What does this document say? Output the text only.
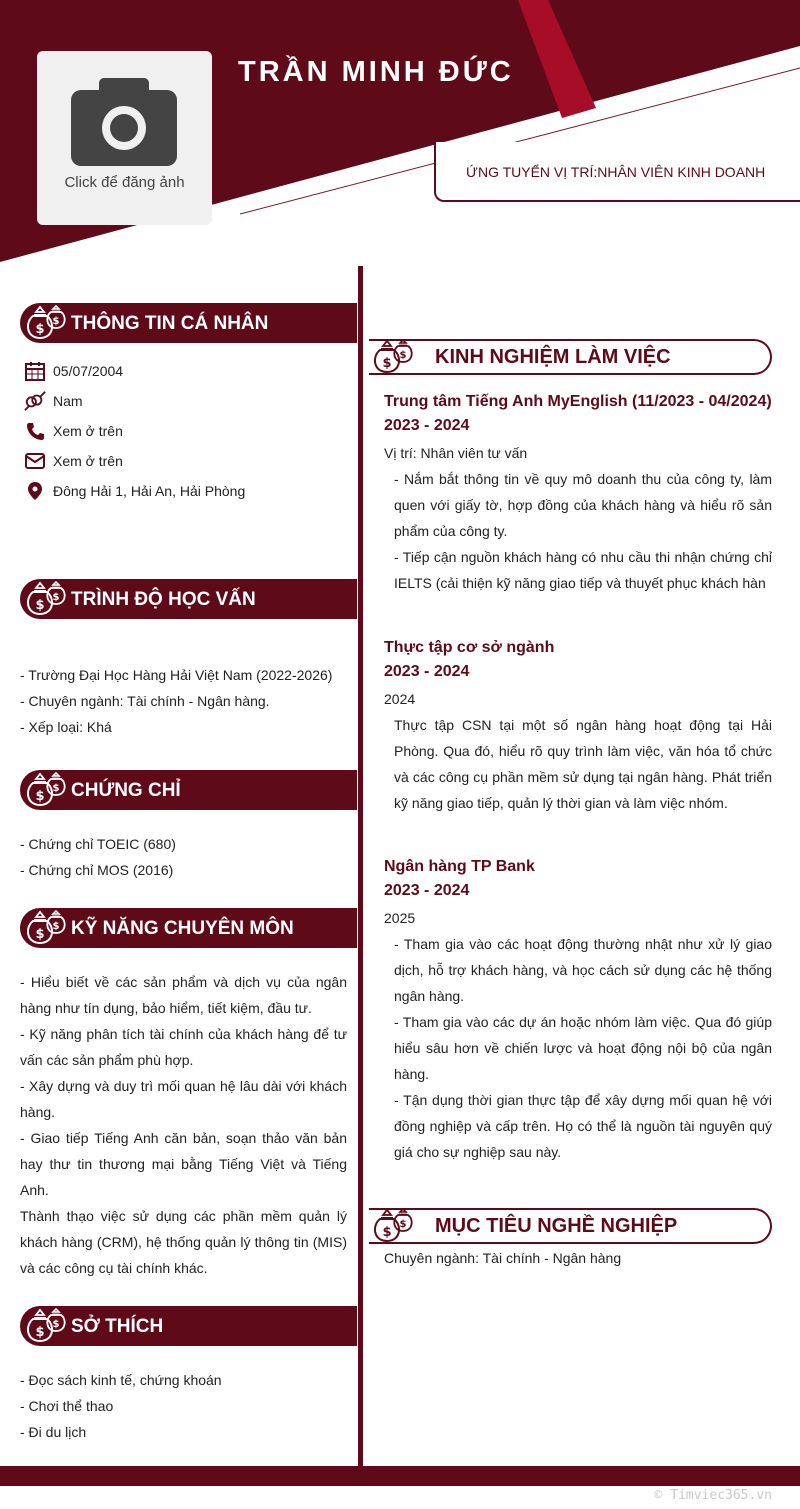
Click để đăng ảnh
TRẦN MINH ĐỨC
ỨNG TUYỂN VỊ TRÍ:NHÂN VIÊN KINH DOANH
THÔNG TIN CÁ NHÂN
05/07/2004
Nam
Xem ở trên
Xem ở trên
Đông Hải 1, Hải An, Hải Phòng
TRÌNH ĐỘ HỌC VẤN
- Trường Đại Học Hàng Hải Việt Nam (2022-2026)
- Chuyên ngành: Tài chính - Ngân hàng.
- Xếp loại: Khá
CHỨNG CHỈ
- Chứng chỉ TOEIC (680)
- Chứng chỉ MOS (2016)
KỸ NĂNG CHUYÊN MÔN
- Hiểu biết về các sản phẩm và dịch vụ của ngân hàng như tín dụng, bảo hiểm, tiết kiệm, đầu tư.
- Kỹ năng phân tích tài chính của khách hàng để tư vấn các sản phẩm phù hợp.
- Xây dựng và duy trì mối quan hệ lâu dài với khách hàng.
- Giao tiếp Tiếng Anh căn bản, soạn thảo văn bản hay thư tin thương mại bằng Tiếng Việt và Tiếng Anh.
Thành thạo việc sử dụng các phần mềm quản lý khách hàng (CRM), hệ thống quản lý thông tin (MIS) và các công cụ tài chính khác.
SỞ THÍCH
- Đọc sách kinh tế, chứng khoán
- Chơi thể thao
- Đi du lịch
KINH NGHIỆM LÀM VIỆC
Trung tâm Tiếng Anh MyEnglish (11/2023 - 04/2024)
2023 - 2024
Vị trí: Nhân viên tư vấn
- Nắm bắt thông tin về quy mô doanh thu của công ty, làm quen với giấy tờ, hợp đồng của khách hàng và hiểu rõ sản phẩm của công ty.
- Tiếp cận nguồn khách hàng có nhu cầu thi nhận chứng chỉ IELTS (cải thiện kỹ năng giao tiếp và thuyết phục khách hàn
Thực tập cơ sở ngành
2023 - 2024
2024
Thực tập CSN tại một số ngân hàng hoạt động tại Hải Phòng. Qua đó, hiểu rõ quy trình làm việc, văn hóa tổ chức và các công cụ phần mềm sử dụng tại ngân hàng. Phát triển kỹ năng giao tiếp, quản lý thời gian và làm việc nhóm.
Ngân hàng TP Bank
2023 - 2024
2025
- Tham gia vào các hoạt động thường nhật như xử lý giao dịch, hỗ trợ khách hàng, và học cách sử dụng các hệ thống ngân hàng.
- Tham gia vào các dự án hoặc nhóm làm việc. Qua đó giúp hiểu sâu hơn về chiến lược và hoạt động nội bộ của ngân hàng.
- Tận dụng thời gian thực tập để xây dựng mối quan hệ với đồng nghiệp và cấp trên. Họ có thể là nguồn tài nguyên quý giá cho sự nghiệp sau này.
MỤC TIÊU NGHỀ NGHIỆP
Chuyên ngành: Tài chính - Ngân hàng
© Timviec365.vn
